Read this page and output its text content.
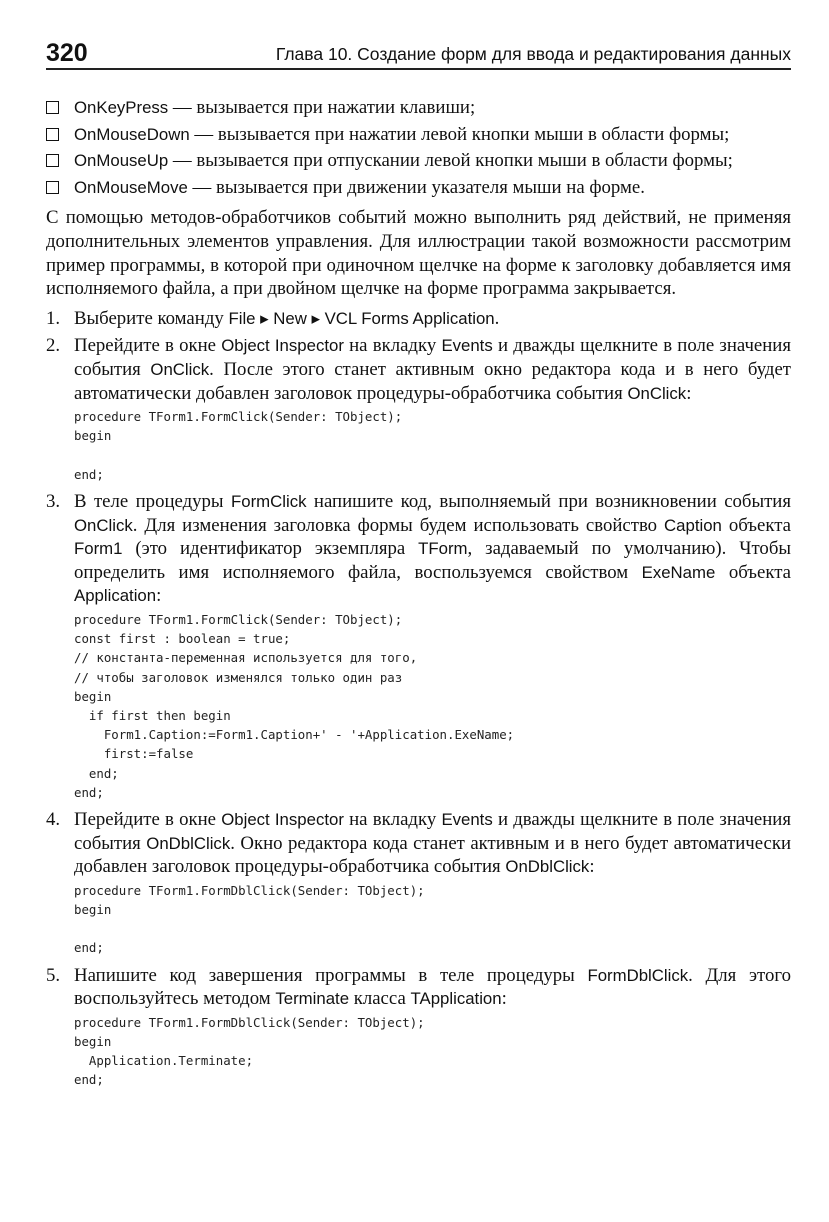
320	Глава 10. Создание форм для ввода и редактирования данных
OnKeyPress — вызывается при нажатии клавиши;
OnMouseDown — вызывается при нажатии левой кнопки мыши в области формы;
OnMouseUp — вызывается при отпускании левой кнопки мыши в области формы;
OnMouseMove — вызывается при движении указателя мыши на форме.
С помощью методов-обработчиков событий можно выполнить ряд действий, не применяя дополнительных элементов управления. Для иллюстрации такой возможности рассмотрим пример программы, в которой при одиночном щелчке на форме к заголовку добавляется имя исполняемого файла, а при двойном щелчке на форме программа закрывается.
1. Выберите команду File ▸ New ▸ VCL Forms Application.
2. Перейдите в окне Object Inspector на вкладку Events и дважды щелкните в поле значения события OnClick. После этого станет активным окно редактора кода и в него будет автоматически добавлен заголовок процедуры-обработчика события OnClick:
procedure TForm1.FormClick(Sender: TObject);
begin

end;
3. В теле процедуры FormClick напишите код, выполняемый при возникновении события OnClick. Для изменения заголовка формы будем использовать свойство Caption объекта Form1 (это идентификатор экземпляра TForm, задаваемый по умолчанию). Чтобы определить имя исполняемого файла, воспользуемся свойством ExeName объекта Application:
procedure TForm1.FormClick(Sender: TObject);
const first : boolean = true;
// константа-переменная используется для того,
// чтобы заголовок изменялся только один раз
begin
if first then begin
Form1.Caption:=Form1.Caption+' - '+Application.ExeName;
first:=false
end;
end;
4. Перейдите в окне Object Inspector на вкладку Events и дважды щелкните в поле значения события OnDblClick. Окно редактора кода станет активным и в него будет автоматически добавлен заголовок процедуры-обработчика события OnDblClick:
procedure TForm1.FormDblClick(Sender: TObject);
begin

end;
5. Напишите код завершения программы в теле процедуры FormDblClick. Для этого воспользуйтесь методом Terminate класса TApplication:
procedure TForm1.FormDblClick(Sender: TObject);
begin
Application.Terminate;
end;
